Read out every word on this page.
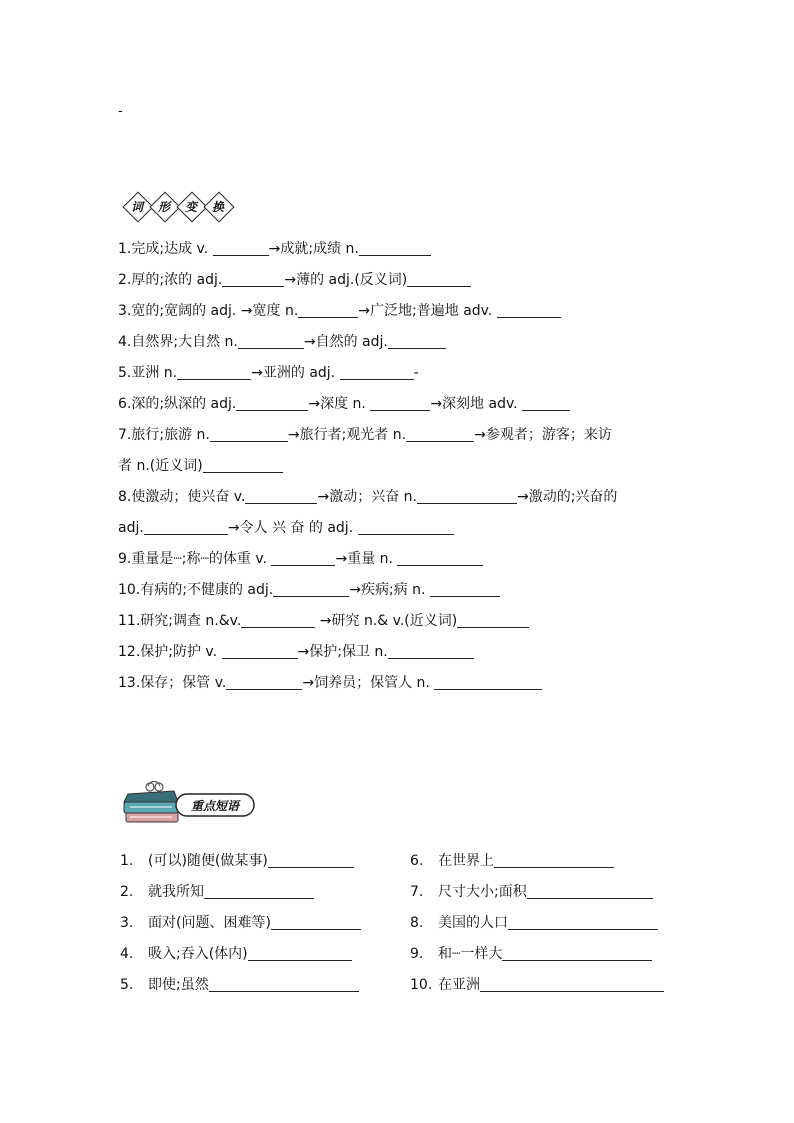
-
词	形	变	换
1.完成;达成 v.	→成就;成绩 n.
2.厚的;浓的 adj.	→薄的 adj.(反义词)
3.宽的;宽阔的 adj. →宽度 n.	→广泛地;普遍地 adv.
4.自然界;大自然 n.	→自然的 adj.
5.亚洲 n.	→亚洲的 adj.	-
6.深的;纵深的 adj.	→深度 n.	→深刻地 adv.
7.旅行;旅游 n.	→旅行者;观光者 n.	→参观者；游客；来访
者 n.(近义词)
8.使激动；使兴奋 v.	→激动；兴奋 n.	→激动的;兴奋的
adj.	→令人 兴 奋 的 adj.
9.重量是┈;称┈的体重 v.	→重量 n.
10.有病的;不健康的 adj.	→疾病;病 n.
11.研究;调查 n.&v.	→研究 n.& v.(近义词)
12.保护;防护 v.	→保护;保卫 n.
13.保存；保管 v.	→饲养员；保管人 n.
重点短语
1. (可以)随便(做某事)	6. 在世界上
2. 就我所知	7. 尺寸大小;面积
3. 面对(问题、困难等)	8. 美国的人口
4. 吸入;吞入(体内)	9. 和┈一样大
5. 即使;虽然	10. 在亚洲
